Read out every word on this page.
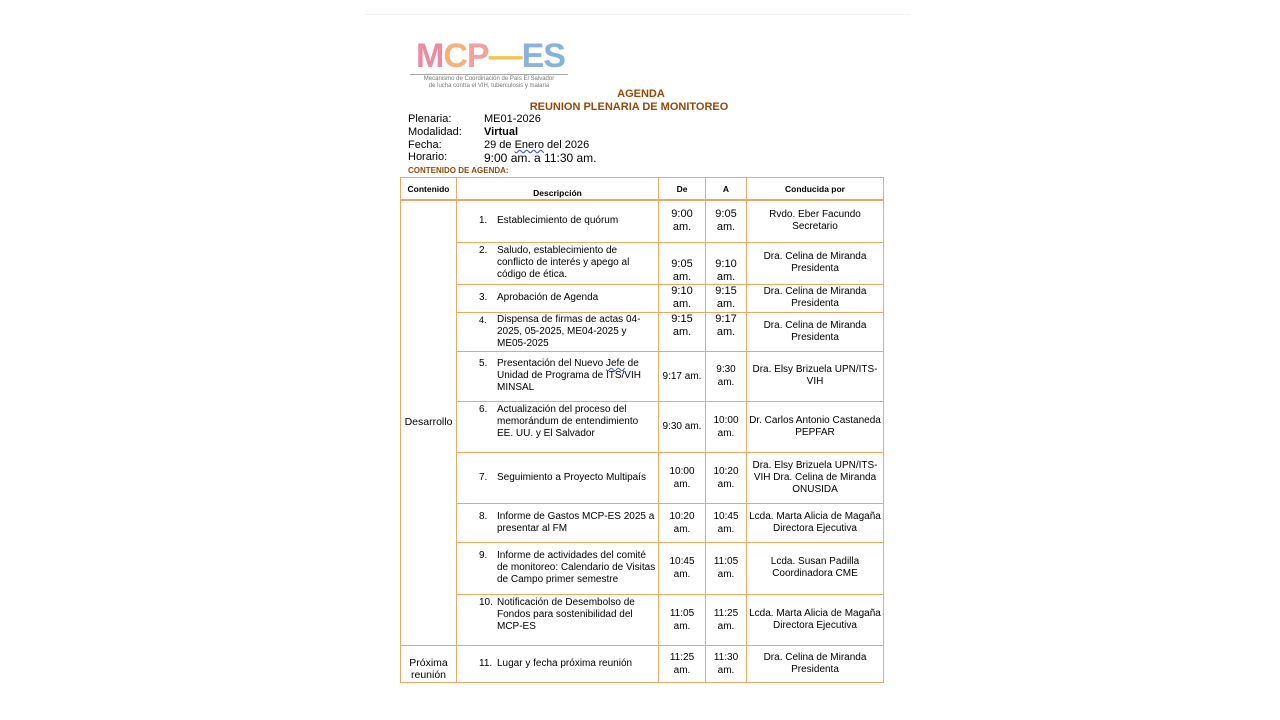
MCP—ES
Mecanismo de Coordinación de País El Salvador
de lucha contra el VIH, tuberculosis y malaria
AGENDA
REUNION PLENARIA DE MONITOREO
Plenaria:	ME01-2026
Modalidad: Virtual
Fecha:	29 de Enero del 2026
Horario:	9:00 am. a 11:30 am.
CONTENIDO DE AGENDA:
Contenido	Descripción	De	A	Conducida por
Desarrollo	1. Establecimiento de quórum	9:00 am.	9:05 am.	Rvdo. Eber Facundo Secretario

	2. Saludo, establecimiento de conflicto de interés y apego al código de ética.	9:05 am.	9:10 am.	Dra. Celina de Miranda Presidenta

	3. Aprobación de Agenda	9:10 am.	9:15 am.	Dra. Celina de Miranda Presidenta

	4. Dispensa de firmas de actas 04-2025, 05-2025, ME04-2025 y ME05-2025	9:15 am.	9:17 am.	Dra. Celina de Miranda Presidenta

	5. Presentación del Nuevo Jefe de Unidad de Programa de ITS/VIH MINSAL	9:17 am.	9:30 am.	Dra. Elsy Brizuela UPN/ITS-VIH

	6. Actualización del proceso del memorándum de entendimiento EE. UU. y El Salvador	9:30 am.	10:00 am.	Dr. Carlos Antonio Castaneda PEPFAR

	7. Seguimiento a Proyecto Multipaís	10:00 am.	10:20 am.	Dra. Elsy Brizuela UPN/ITS-VIH Dra. Celina de Miranda ONUSIDA

	8. Informe de Gastos MCP-ES 2025 a presentar al FM	10:20 am.	10:45 am.	Lcda. Marta Alicia de Magaña Directora Ejecutiva

	9. Informe de actividades del comité de monitoreo: Calendario de Visitas de Campo primer semestre	10:45 am.	11:05 am.	Lcda. Susan Padilla Coordinadora CME

	10. Notificación de Desembolso de Fondos para sostenibilidad del MCP-ES	11:05 am.	11:25 am.	Lcda. Marta Alicia de Magaña Directora Ejecutiva
Próxima reunión	11. Lugar y fecha próxima reunión	11:25 am.	11:30 am.	Dra. Celina de Miranda Presidenta
